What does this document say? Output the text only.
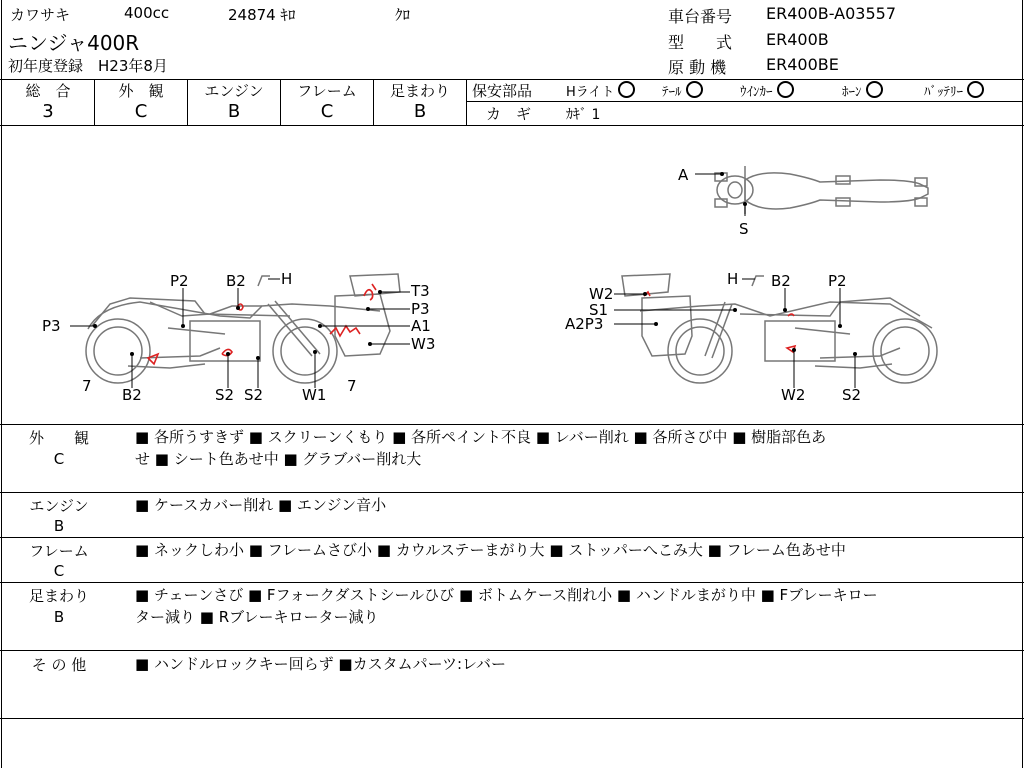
カワサキ	400cc	24874 ｷﾛ	ｸﾛ
ニンジャ400R
初年度登録 H23年8月
車台番号 ER400B-A03557
型　　式 ER400B
原 動 機 ER400BE
総　合
3
外　観
C
エンジン
B
フレーム
C
足まわり
B
保安部品	Hライト	ﾃｰﾙ	ｳｲﾝｶｰ	ﾎｰﾝ	ﾊﾞｯﾃﾘｰ
カ　ギ ｶｷﾞ 1
A
S
P2 B2 H
T3
P3
A1
W3
P3
7 B2	S2 S2	W1 7
W2
S1
A2P3
H B2 P2
W2 S2
外　　観
C
■ 各所うすきず ■ スクリーンくもり ■ 各所ペイント不良 ■ レバー削れ ■ 各所さび中 ■ 樹脂部色あ
せ ■ シート色あせ中 ■ グラブバー削れ大
エンジン
B
■ ケースカバー削れ ■ エンジン音小
フレーム
C
■ ネックしわ小 ■ フレームさび小 ■ カウルステーまがり大 ■ ストッパーへこみ大 ■ フレーム色あせ中
足まわり
B
■ チェーンさび ■ Fフォークダストシールひび ■ ボトムケース削れ小 ■ ハンドルまがり中 ■ Fブレーキロー
ター減り ■ Rブレーキローター減り
そ の 他	■ ハンドルロックキー回らず ■カスタムパーツ:レバー
